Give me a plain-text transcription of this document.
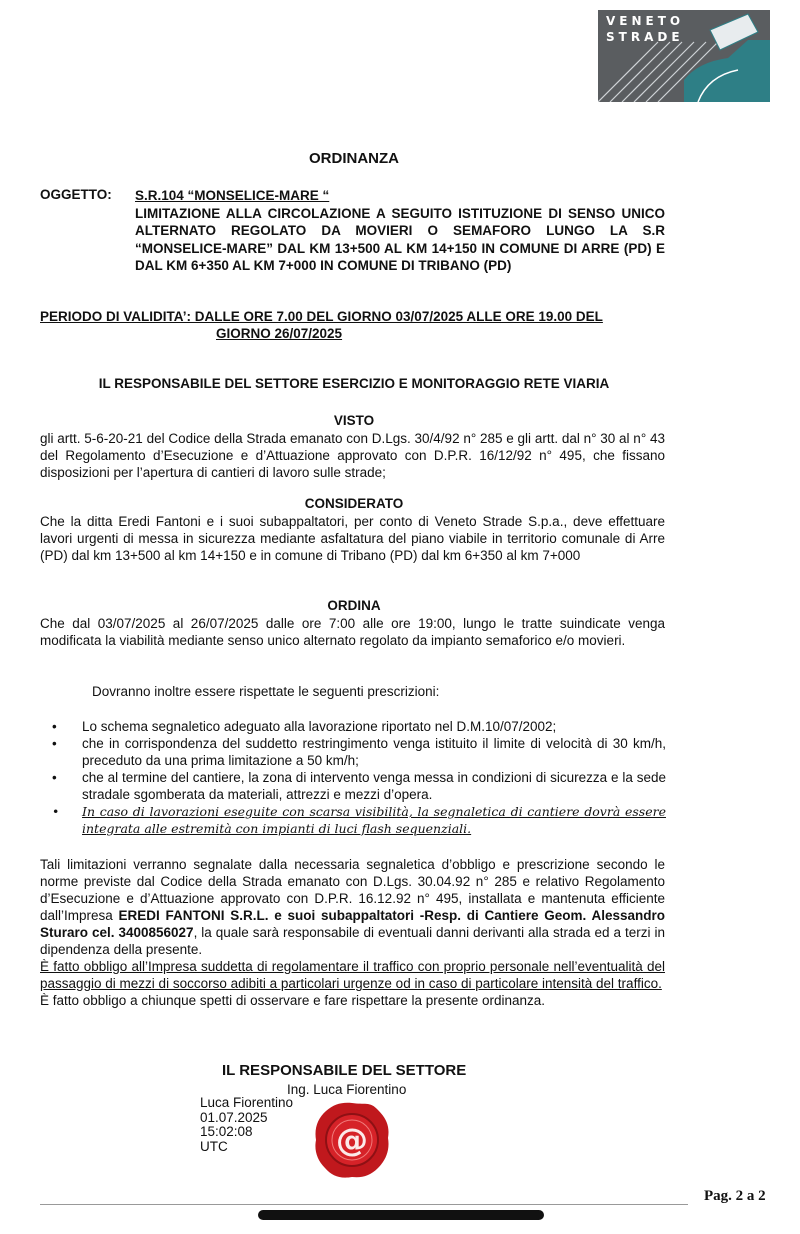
VENETO
STRADE
ORDINANZA
OGGETTO: S.R.104 “MONSELICE-MARE “
LIMITAZIONE ALLA CIRCOLAZIONE A SEGUITO ISTITUZIONE DI SENSO UNICO ALTERNATO REGOLATO DA MOVIERI O SEMAFORO LUNGO LA S.R “MONSELICE-MARE” DAL KM 13+500 AL KM 14+150 IN COMUNE DI ARRE (PD) E DAL KM 6+350 AL KM 7+000 IN COMUNE DI TRIBANO (PD)
PERIODO DI VALIDITA’: DALLE ORE 7.00 DEL GIORNO 03/07/2025 ALLE ORE 19.00 DEL
GIORNO 26/07/2025
IL RESPONSABILE DEL SETTORE ESERCIZIO E MONITORAGGIO RETE VIARIA
VISTO
gli artt. 5-6-20-21 del Codice della Strada emanato con D.Lgs. 30/4/92 n° 285 e gli artt. dal n° 30 al n° 43 del Regolamento d’Esecuzione e d’Attuazione approvato con D.P.R. 16/12/92 n° 495, che fissano disposizioni per l’apertura di cantieri di lavoro sulle strade;
CONSIDERATO
Che la ditta Eredi Fantoni e i suoi subappaltatori, per conto di Veneto Strade S.p.a., deve effettuare lavori urgenti di messa in sicurezza mediante asfaltatura del piano viabile in territorio comunale di Arre (PD) dal km 13+500 al km 14+150 e in comune di Tribano (PD) dal km 6+350 al km 7+000
ORDINA
Che dal 03/07/2025 al 26/07/2025 dalle ore 7:00 alle ore 19:00, lungo le tratte suindicate venga modificata la viabilità mediante senso unico alternato regolato da impianto semaforico e/o movieri.
Dovranno inoltre essere rispettate le seguenti prescrizioni:
• Lo schema segnaletico adeguato alla lavorazione riportato nel D.M.10/07/2002;
• che in corrispondenza del suddetto restringimento venga istituito il limite di velocità di 30 km/h, preceduto da una prima limitazione a 50 km/h;
• che al termine del cantiere, la zona di intervento venga messa in condizioni di sicurezza e la sede stradale sgomberata da materiali, attrezzi e mezzi d’opera.
• In caso di lavorazioni eseguite con scarsa visibilità, la segnaletica di cantiere dovrà essere integrata alle estremità con impianti di luci flash sequenziali.
Tali limitazioni verranno segnalate dalla necessaria segnaletica d’obbligo e prescrizione secondo le norme previste dal Codice della Strada emanato con D.Lgs. 30.04.92 n° 285 e relativo Regolamento d’Esecuzione e d’Attuazione approvato con D.P.R. 16.12.92 n° 495, installata e mantenuta efficiente dall’Impresa EREDI FANTONI S.R.L. e suoi subappaltatori -Resp. di Cantiere Geom. Alessandro Sturaro cel. 3400856027, la quale sarà responsabile di eventuali danni derivanti alla strada ed a terzi in dipendenza della presente.
È fatto obbligo all’Impresa suddetta di regolamentare il traffico con proprio personale nell’eventualità del passaggio di mezzi di soccorso adibiti a particolari urgenze od in caso di particolare intensità del traffico.
È fatto obbligo a chiunque spetti di osservare e fare rispettare la presente ordinanza.
IL RESPONSABILE DEL SETTORE
Ing. Luca Fiorentino
Luca Fiorentino
01.07.2025
15:02:08
UTC	@
Pag. 2 a 2
